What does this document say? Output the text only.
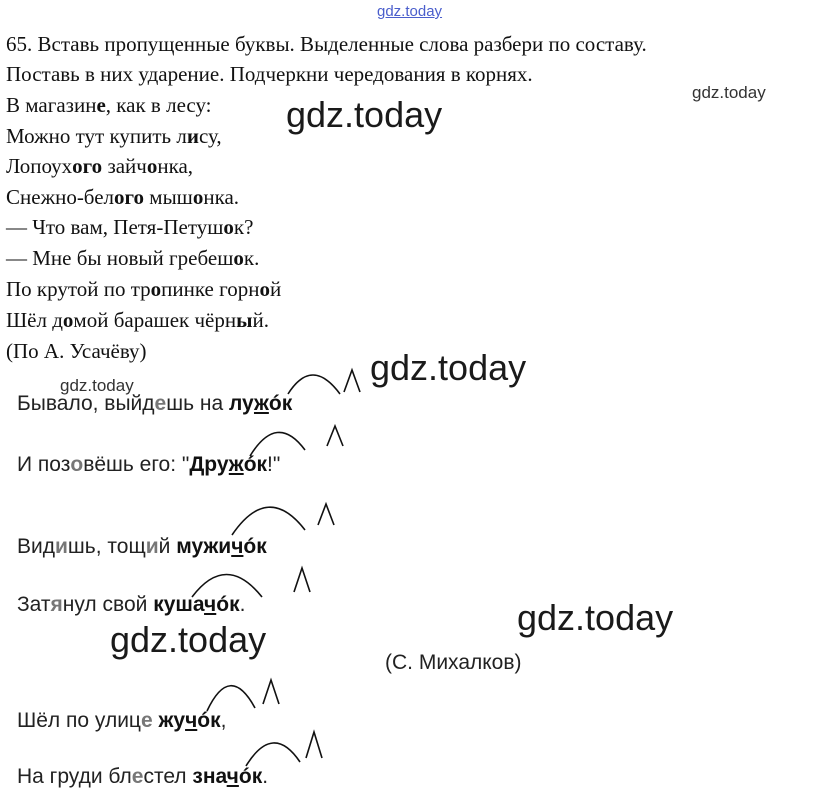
gdz.today
gdz.today
gdz.today
gdz.today
gdz.today
gdz.today
gdz.today
65. Вставь пропущенные буквы. Выделенные слова разбери по составу.
Поставь в них ударение. Подчеркни чередования в корнях.
В магазине, как в лесу:
Можно тут купить лису,
Лопоухого зайчонка,
Снежно-белого мышонка.
— Что вам, Петя-Петушок?
— Мне бы новый гребешок.
По крутой по тропинке горной
Шёл домой барашек чёрный.
(По А. Усачёву)
Бывало, выйдешь на лужóк
И позовёшь его: "Дружóк!"
Видишь, тощий мужичóк
Затянул свой кушачóк.
(С. Михалков)
Шёл по улице жучóк,
На груди блестел значóк.
